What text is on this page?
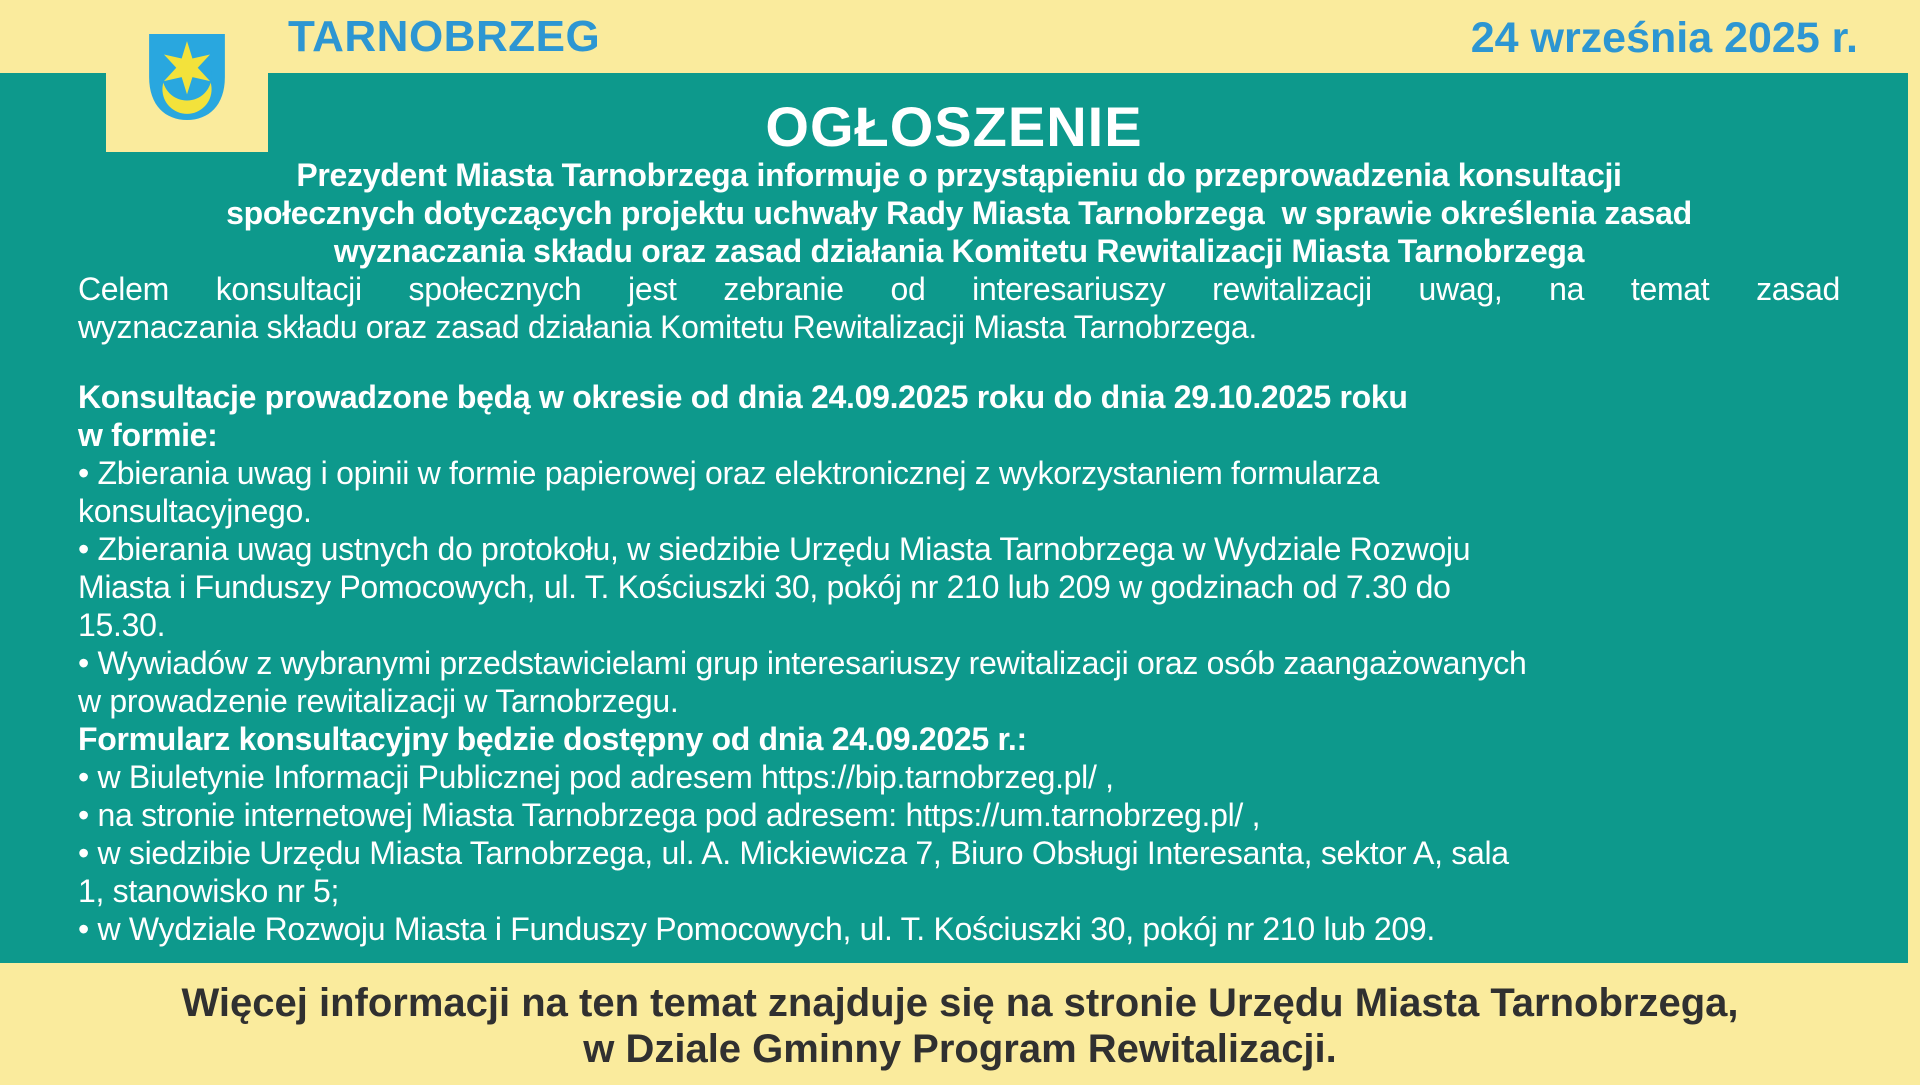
TARNOBRZEG	24 września 2025 r.
OGŁOSZENIE
Prezydent Miasta Tarnobrzega informuje o przystąpieniu do przeprowadzenia konsultacji
społecznych dotyczących projektu uchwały Rady Miasta Tarnobrzega  w sprawie określenia zasad
wyznaczania składu oraz zasad działania Komitetu Rewitalizacji Miasta Tarnobrzega
Celem konsultacji społecznych jest zebranie od interesariuszy rewitalizacji uwag, na temat zasad
wyznaczania składu oraz zasad działania Komitetu Rewitalizacji Miasta Tarnobrzega.
Konsultacje prowadzone będą w okresie od dnia 24.09.2025 roku do dnia 29.10.2025 roku
w formie:
• Zbierania uwag i opinii w formie papierowej oraz elektronicznej z wykorzystaniem formularza
konsultacyjnego.
• Zbierania uwag ustnych do protokołu, w siedzibie Urzędu Miasta Tarnobrzega w Wydziale Rozwoju
Miasta i Funduszy Pomocowych, ul. T. Kościuszki 30, pokój nr 210 lub 209 w godzinach od 7.30 do
15.30.
• Wywiadów z wybranymi przedstawicielami grup interesariuszy rewitalizacji oraz osób zaangażowanych
w prowadzenie rewitalizacji w Tarnobrzegu.
Formularz konsultacyjny będzie dostępny od dnia 24.09.2025 r.:
• w Biuletynie Informacji Publicznej pod adresem https://bip.tarnobrzeg.pl/ ,
• na stronie internetowej Miasta Tarnobrzega pod adresem: https://um.tarnobrzeg.pl/ ,
• w siedzibie Urzędu Miasta Tarnobrzega, ul. A. Mickiewicza 7, Biuro Obsługi Interesanta, sektor A, sala
1, stanowisko nr 5;
• w Wydziale Rozwoju Miasta i Funduszy Pomocowych, ul. T. Kościuszki 30, pokój nr 210 lub 209.
Więcej informacji na ten temat znajduje się na stronie Urzędu Miasta Tarnobrzega,
w Dziale Gminny Program Rewitalizacji.
